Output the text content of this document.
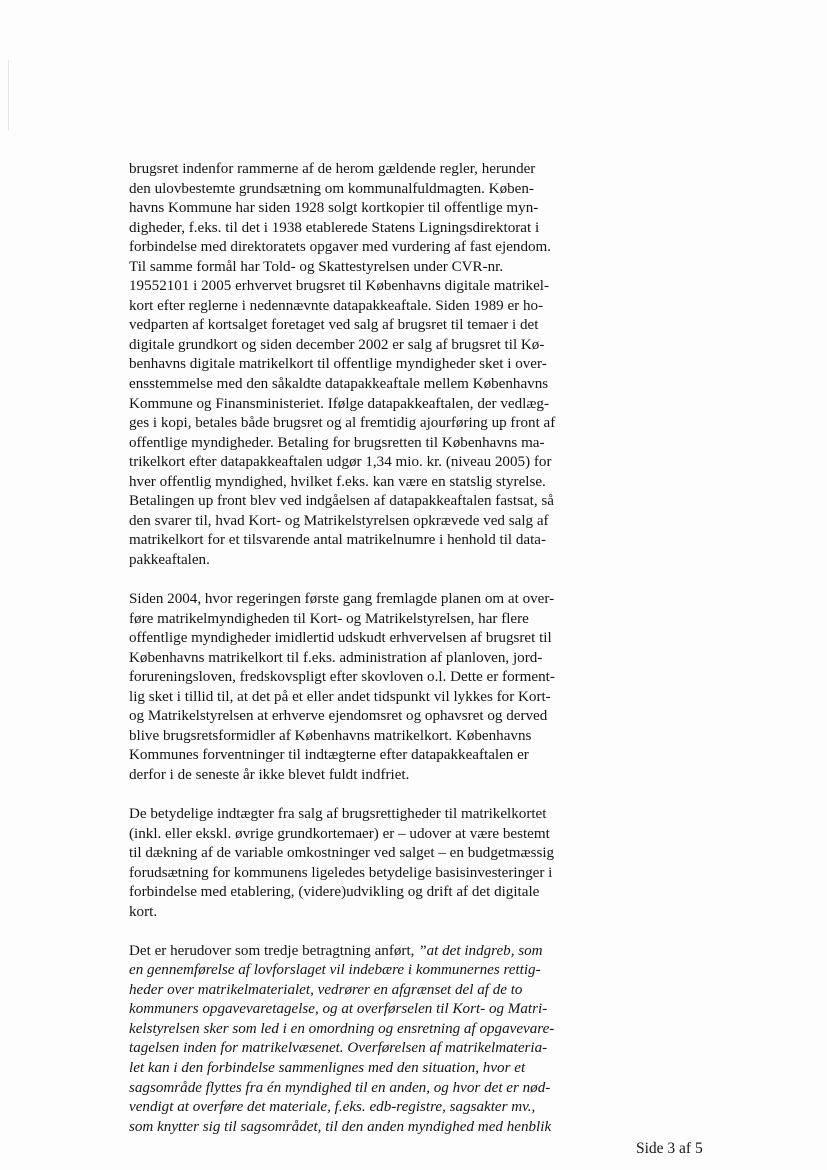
brugsret indenfor rammerne af de herom gældende regler, herunder
den ulovbestemte grundsætning om kommunalfuldmagten. Køben-
havns Kommune har siden 1928 solgt kortkopier til offentlige myn-
digheder, f.eks. til det i 1938 etablerede Statens Ligningsdirektorat i
forbindelse med direktoratets opgaver med vurdering af fast ejendom.
Til samme formål har Told- og Skattestyrelsen under CVR-nr.
19552101 i 2005 erhvervet brugsret til Københavns digitale matrikel-
kort efter reglerne i nedennævnte datapakkeaftale. Siden 1989 er ho-
vedparten af kortsalget foretaget ved salg af brugsret til temaer i det
digitale grundkort og siden december 2002 er salg af brugsret til Kø-
benhavns digitale matrikelkort til offentlige myndigheder sket i over-
ensstemmelse med den såkaldte datapakkeaftale mellem Københavns
Kommune og Finansministeriet. Ifølge datapakkeaftalen, der vedlæg-
ges i kopi, betales både brugsret og al fremtidig ajourføring up front af
offentlige myndigheder. Betaling for brugsretten til Københavns ma-
trikelkort efter datapakkeaftalen udgør 1,34 mio. kr. (niveau 2005) for
hver offentlig myndighed, hvilket f.eks. kan være en statslig styrelse.
Betalingen up front blev ved indgåelsen af datapakkeaftalen fastsat, så
den svarer til, hvad Kort- og Matrikelstyrelsen opkrævede ved salg af
matrikelkort for et tilsvarende antal matrikelnumre i henhold til data-
pakkeaftalen.

Siden 2004, hvor regeringen første gang fremlagde planen om at over-
føre matrikelmyndigheden til Kort- og Matrikelstyrelsen, har flere
offentlige myndigheder imidlertid udskudt erhvervelsen af brugsret til
Københavns matrikelkort til f.eks. administration af planloven, jord-
forureningsloven, fredskovspligt efter skovloven o.l. Dette er forment-
lig sket i tillid til, at det på et eller andet tidspunkt vil lykkes for Kort-
og Matrikelstyrelsen at erhverve ejendomsret og ophavsret og derved
blive brugsretsformidler af Københavns matrikelkort. Københavns
Kommunes forventninger til indtægterne efter datapakkeaftalen er
derfor i de seneste år ikke blevet fuldt indfriet.

De betydelige indtægter fra salg af brugsrettigheder til matrikelkortet
(inkl. eller ekskl. øvrige grundkortemaer) er – udover at være bestemt
til dækning af de variable omkostninger ved salget – en budgetmæssig
forudsætning for kommunens ligeledes betydelige basisinvesteringer i
forbindelse med etablering, (videre)udvikling og drift af det digitale
kort.

Det er herudover som tredje betragtning anført, ”at det indgreb, som
en gennemførelse af lovforslaget vil indebære i kommunernes rettig-
heder over matrikelmaterialet, vedrører en afgrænset del af de to
kommuners opgavevaretagelse, og at overførselen til Kort- og Matri-
kelstyrelsen sker som led i en omordning og ensretning af opgavevare-
tagelsen inden for matrikelvæsenet. Overførelsen af matrikelmateria-
let kan i den forbindelse sammenlignes med den situation, hvor et
sagsområde flyttes fra én myndighed til en anden, og hvor det er nød-
vendigt at overføre det materiale, f.eks. edb-registre, sagsakter mv.,
som knytter sig til sagsområdet, til den anden myndighed med henblik

Side 3 af 5
